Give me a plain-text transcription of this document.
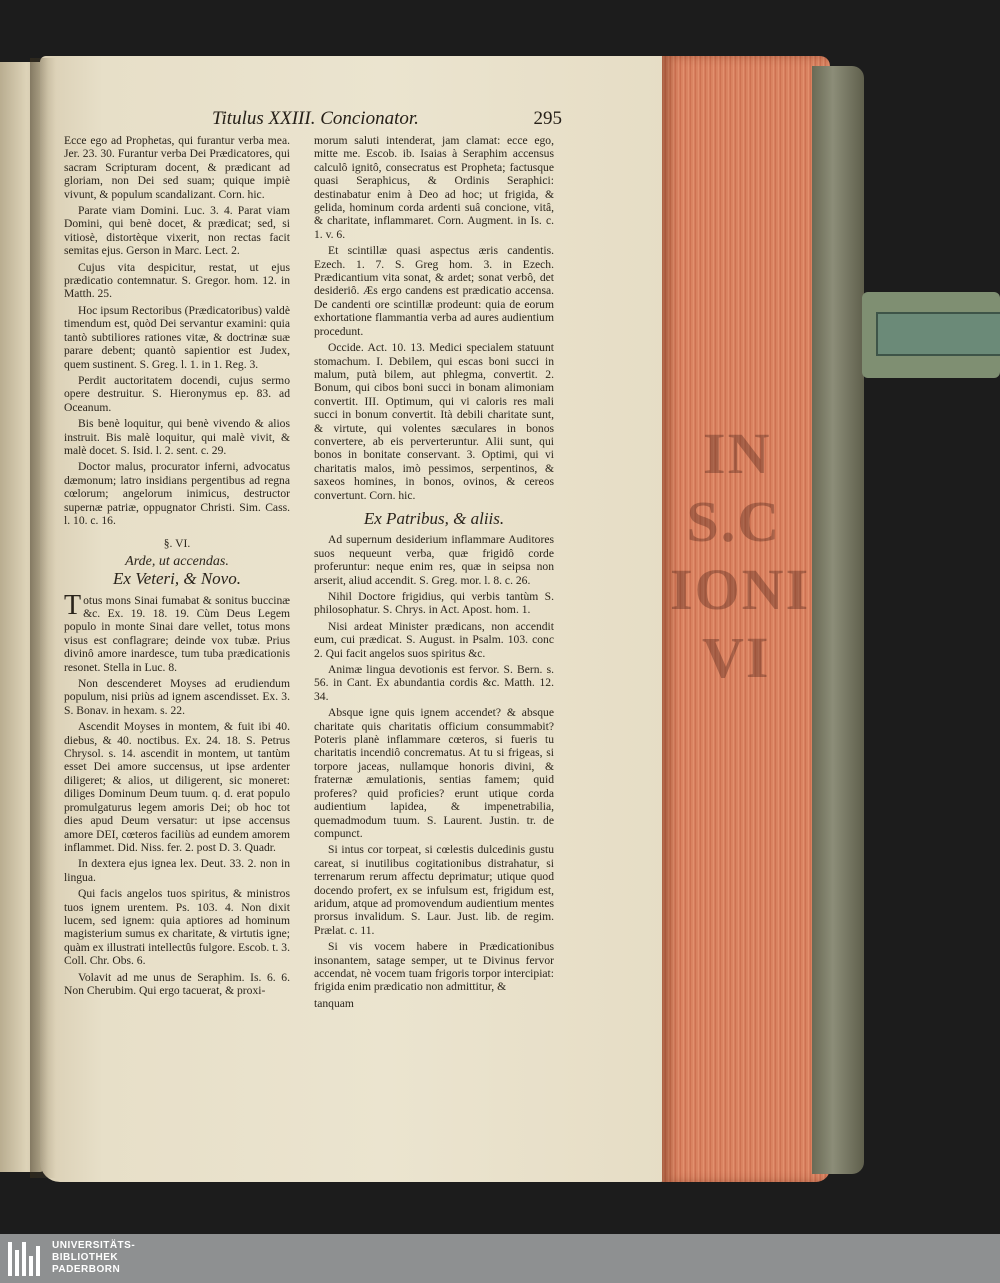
IN
S.C
IONI
VI
Titulus XXIII. Concionator.	295

Ecce ego ad Prophetas, qui furantur verba mea. Jer. 23. 30. Furantur verba Dei Prædicatores, qui sacram Scripturam docent, & prædicant ad gloriam, non Dei sed suam; quique impiè vivunt, & populum scandalizant. Corn. hic.

Parate viam Domini. Luc. 3. 4. Parat viam Domini, qui benè docet, & prædicat; sed, si vitiosè, distortèque vixerit, non rectas facit semitas ejus. Gerson in Marc. Lect. 2.

Cujus vita despicitur, restat, ut ejus prædicatio contemnatur. S. Gregor. hom. 12. in Matth. 25.

Hoc ipsum Rectoribus (Prædicatoribus) valdè timendum est, quòd Dei servantur examini: quia tantò subtiliores rationes vitæ, & doctrinæ suæ parare debent; quantò sapientior est Judex, quem sustinent. S. Greg. l. 1. in 1. Reg. 3.

Perdit auctoritatem docendi, cujus sermo opere destruitur. S. Hieronymus ep. 83. ad Oceanum.

Bis benè loquitur, qui benè vivendo & alios instruit. Bis malè loquitur, qui malè vivit, & malè docet. S. Isid. l. 2. sent. c. 29.

Doctor malus, procurator inferni, advocatus dæmonum; latro insidians pergentibus ad regna cœlorum; angelorum inimicus, destructor supernæ patriæ, oppugnator Christi. Sim. Cass. l. 10. c. 16.

§. VI.
Arde, ut accendas.
Ex Veteri, & Novo.

Totus mons Sinai fumabat & sonitus buccinæ &c. Ex. 19. 18. 19. Cùm Deus Legem populo in monte Sinai dare vellet, totus mons visus est conflagrare; deinde vox tubæ. Prius divinô amore inardesce, tum tuba prædicationis resonet. Stella in Luc. 8.

Non descenderet Moyses ad erudiendum populum, nisi priùs ad ignem ascendisset. Ex. 3. S. Bonav. in hexam. s. 22.

Ascendit Moyses in montem, & fuit ibi 40. diebus, & 40. noctibus. Ex. 24. 18. S. Petrus Chrysol. s. 14. ascendit in montem, ut tantùm esset Dei amore succensus, ut ipse ardenter diligeret; & alios, ut diligerent, sic moneret: diliges Dominum Deum tuum. q. d. erat populo promulgaturus legem amoris Dei; ob hoc tot dies apud Deum versatur: ut ipse accensus amore DEI, cœteros faciliùs ad eundem amorem inflammet. Did. Niss. fer. 2. post D. 3. Quadr.

In dextera ejus ignea lex. Deut. 33. 2. non in lingua.

Qui facis angelos tuos spiritus, & ministros tuos ignem urentem. Ps. 103. 4. Non dixit lucem, sed ignem: quia aptiores ad hominum magisterium sumus ex charitate, & virtutis igne; quàm ex illustrati intellectûs fulgore. Escob. t. 3. Coll. Chr. Obs. 6.

Volavit ad me unus de Seraphim. Is. 6. 6. Non Cherubim. Qui ergo tacuerat, & proxi-

morum saluti intenderat, jam clamat: ecce ego, mitte me. Escob. ib. Isaias à Seraphim accensus calculô ignitô, consecratus est Propheta; factusque quasi Seraphicus, & Ordinis Seraphici: destinabatur enim à Deo ad hoc; ut frigida, & gelida, hominum corda ardenti suâ concione, vitâ, & charitate, inflammaret. Corn. Augment. in Is. c. 1. v. 6.

Et scintillæ quasi aspectus æris candentis. Ezech. 1. 7. S. Greg hom. 3. in Ezech. Prædicantium vita sonat, & ardet; sonat verbô, det desideriô. Æs ergo candens est prædicatio accensa. De candenti ore scintillæ prodeunt: quia de eorum exhortatione flammantia verba ad aures audientium procedunt.

Occide. Act. 10. 13. Medici specialem statuunt stomachum. I. Debilem, qui escas boni succi in malum, putà bilem, aut phlegma, convertit. 2. Bonum, qui cibos boni succi in bonam alimoniam convertit. III. Optimum, qui vi caloris res mali succi in bonum convertit. Ità debili charitate sunt, & virtute, qui volentes sæculares in bonos convertere, ab eis perverteruntur. Alii sunt, qui bonos in bonitate conservant. 3. Optimi, qui vi charitatis malos, imò pessimos, serpentinos, & saxeos homines, in bonos, ovinos, & cereos convertunt. Corn. hic.

Ex Patribus, & aliis.

Ad supernum desiderium inflammare Auditores suos nequeunt verba, quæ frigidô corde proferuntur: neque enim res, quæ in seipsa non arserit, aliud accendit. S. Greg. mor. l. 8. c. 26.

Nihil Doctore frigidius, qui verbis tantùm S. philosophatur. S. Chrys. in Act. Apost. hom. 1.

Nisi ardeat Minister prædicans, non accendit eum, cui prædicat. S. August. in Psalm. 103. conc 2. Qui facit angelos suos spiritus &c.

Animæ lingua devotionis est fervor. S. Bern. s. 56. in Cant. Ex abundantia cordis &c. Matth. 12. 34.

Absque igne quis ignem accendet? & absque charitate quis charitatis officium consummabit? Poteris planè inflammare cœteros, si fueris tu charitatis incendiô concrematus. At tu si frigeas, si torpore jaceas, nullamque honoris divini, & fraternæ æmulationis, sentias famem; quid proferes? quid proficies? erunt utique corda audientium lapidea, & impenetrabilia, quemadmodum tuum. S. Laurent. Justin. tr. de compunct.

Si intus cor torpeat, si cœlestis dulcedinis gustu careat, si inutilibus cogitationibus distrahatur, si terrenarum rerum affectu deprimatur; utique quod docendo profert, ex se infulsum est, frigidum est, aridum, atque ad promovendum audientium mentes prorsus invalidum. S. Laur. Just. lib. de regim. Prælat. c. 11.

Si vis vocem habere in Prædicationibus insonantem, satage semper, ut te Divinus fervor accendat, nè vocem tuam frigoris torpor intercipiat: frigida enim prædicatio non admittitur, &

tanquam

UNIVERSITÄTS-
BIBLIOTHEK
PADERBORN
